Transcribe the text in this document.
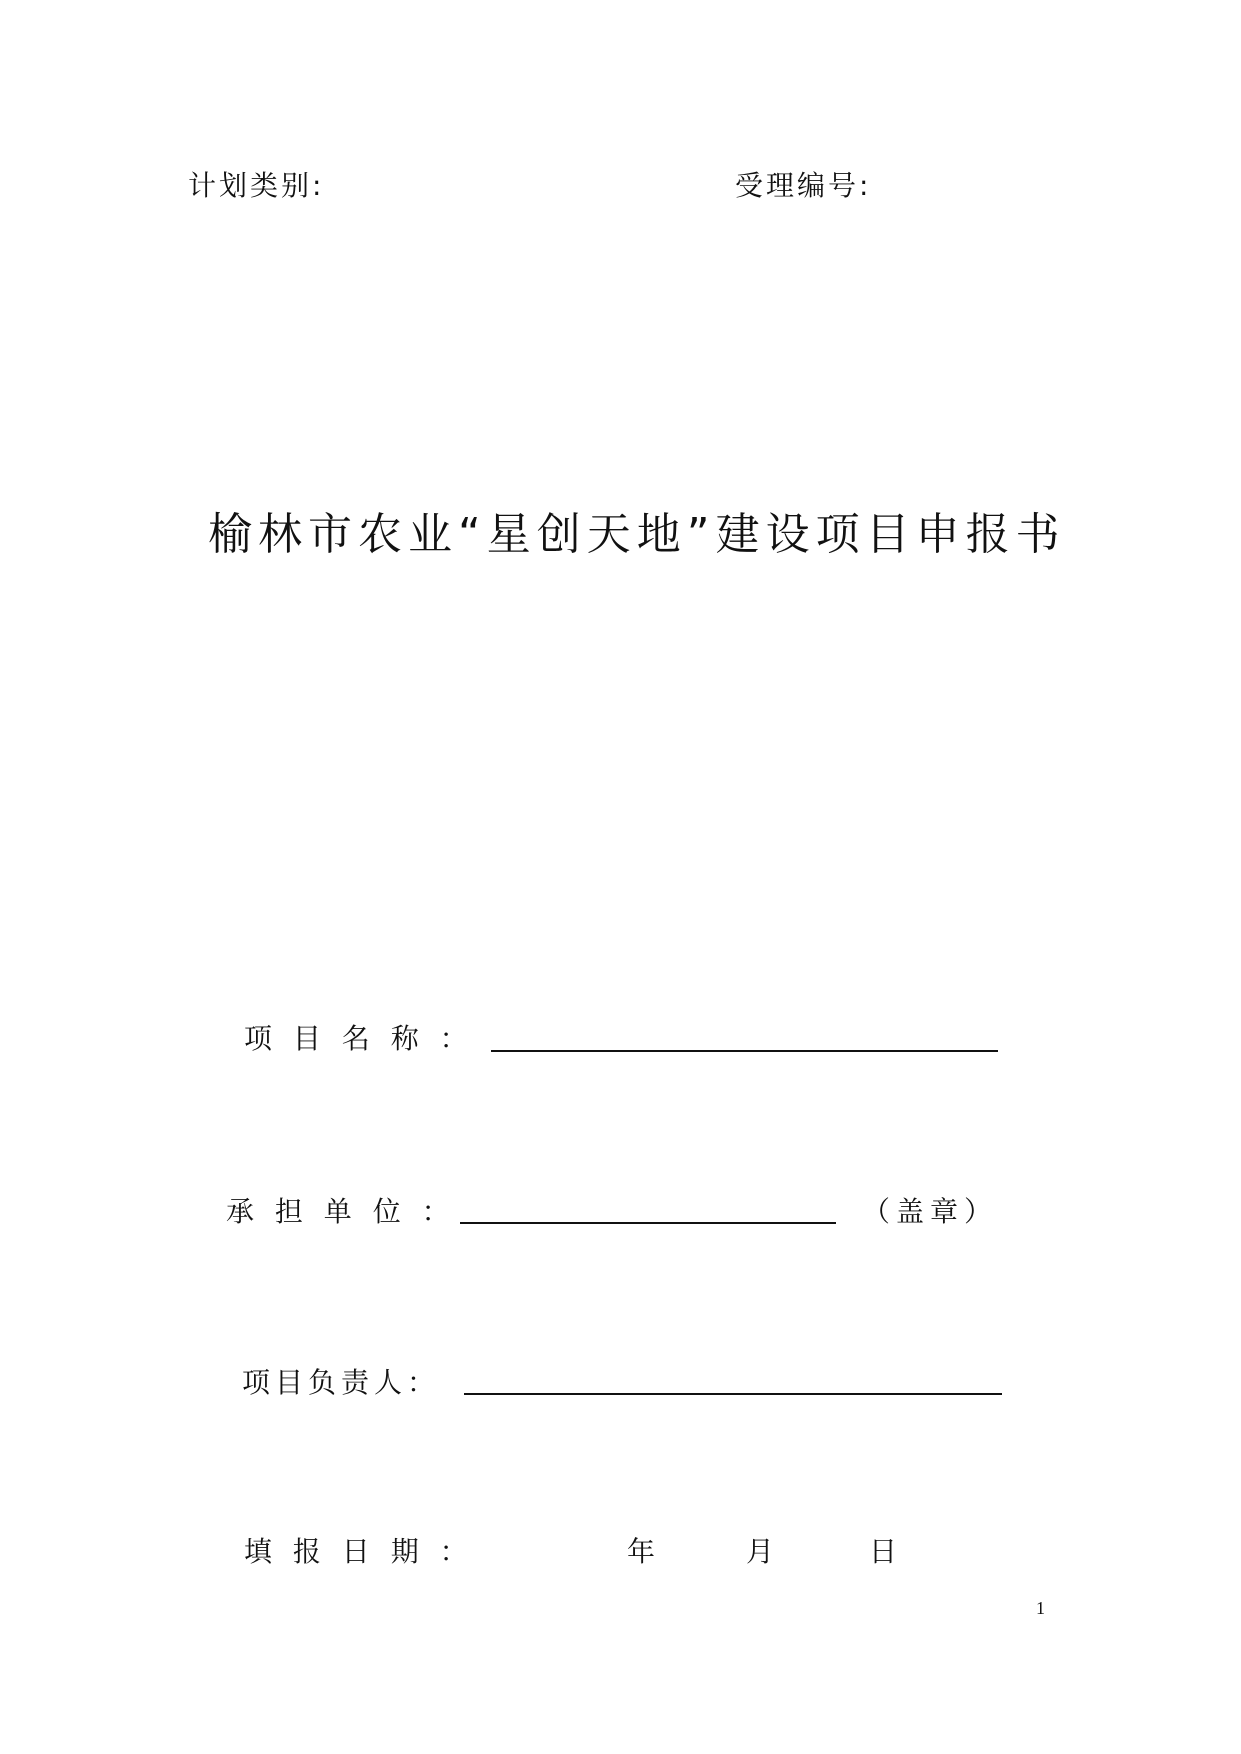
计划类别:	受理编号:
榆林市农业“星创天地”建设项目申报书
项 目 名 称 ：
承 担 单 位 ：	（盖章）
项目负责人：
填 报 日 期 ：	年	月	日
1
